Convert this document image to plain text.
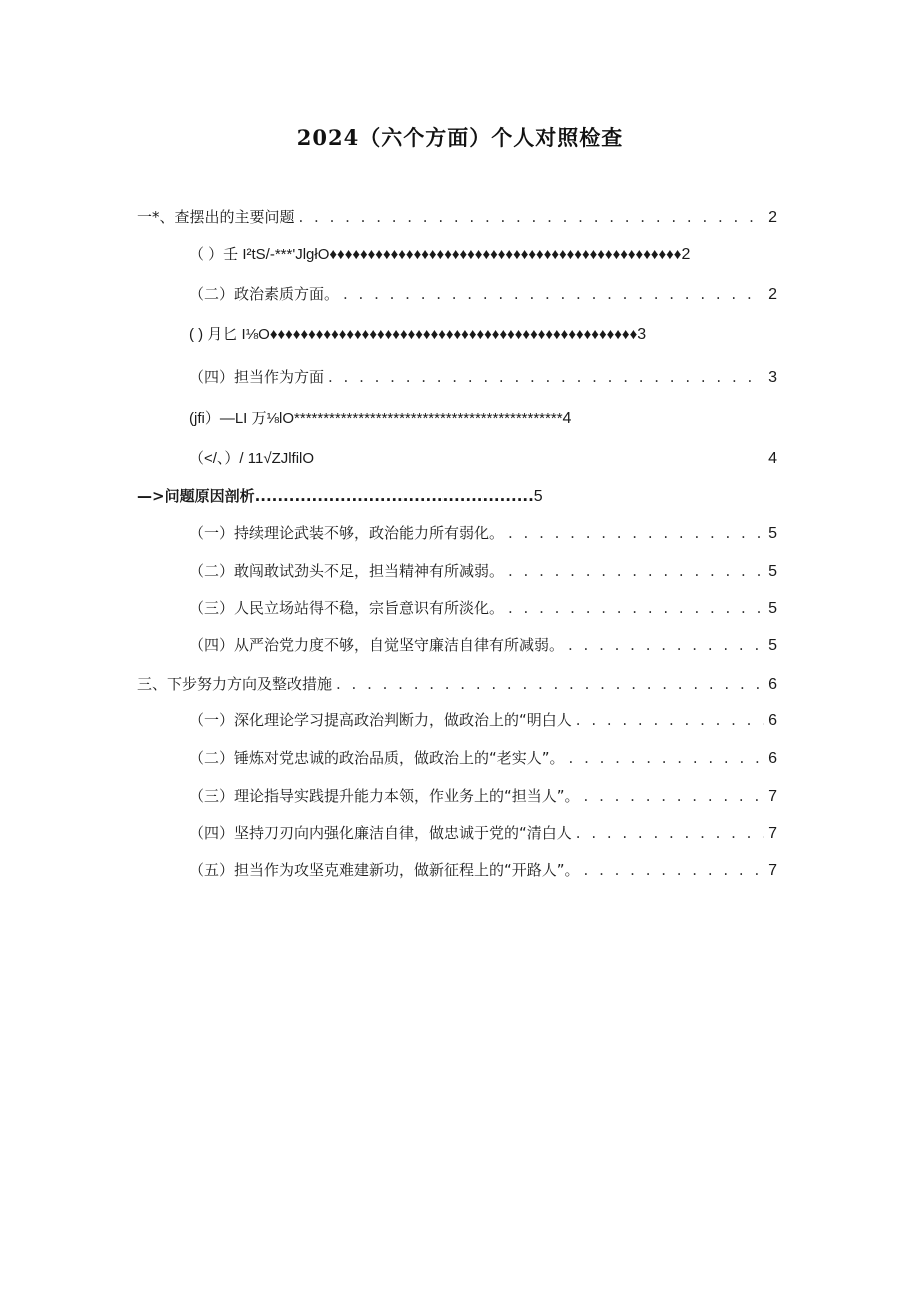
2024（六个方面）个人对照检查
一*、查摆出的主要问题 . . .	2
（ ）壬 I²tS/-***'JlgłO♦♦♦♦♦♦♦♦♦♦♦♦♦♦♦♦♦♦♦♦♦♦♦♦♦♦♦♦♦♦♦♦♦♦♦♦♦♦♦♦♦♦♦♦♦♦ 2
（二）政治素质方面。 . . .	2
( ) 月匕 I⅛O♦♦♦♦♦♦♦♦♦♦♦♦♦♦♦♦♦♦♦♦♦♦♦♦♦♦♦♦♦♦♦♦♦♦♦♦♦♦♦♦♦♦♦♦♦♦♦♦ 3
（四）担当作为方面 . . .	3
(jfi）—LI 万⅛lO********************************************** 4
（</、）/ 11√ZJlfilO	4
—>问题原因剖析................................................. 5
（一）持续理论武装不够，政治能力所有弱化。 . . .	5
（二）敢闯敢试劲头不足，担当精神有所减弱。 . . .	5
（三）人民立场站得不稳，宗旨意识有所淡化。 . . .	5
（四）从严治党力度不够，自觉坚守廉洁自律有所减弱。 . . .	5
三、下步努力方向及整改措施 . . .	6
（一）深化理论学习提高政治判断力，做政治上的“明白人 . . .	6
（二）锤炼对党忠诚的政治品质，做政治上的“老实人”。 . . .	6
（三）理论指导实践提升能力本领，作业务上的“担当人”。 . . .	7
（四）坚持刀刃向内强化廉洁自律，做忠诚于党的“清白人 . . .	7
（五）担当作为攻坚克难建新功，做新征程上的“开路人”。 . . .	7
